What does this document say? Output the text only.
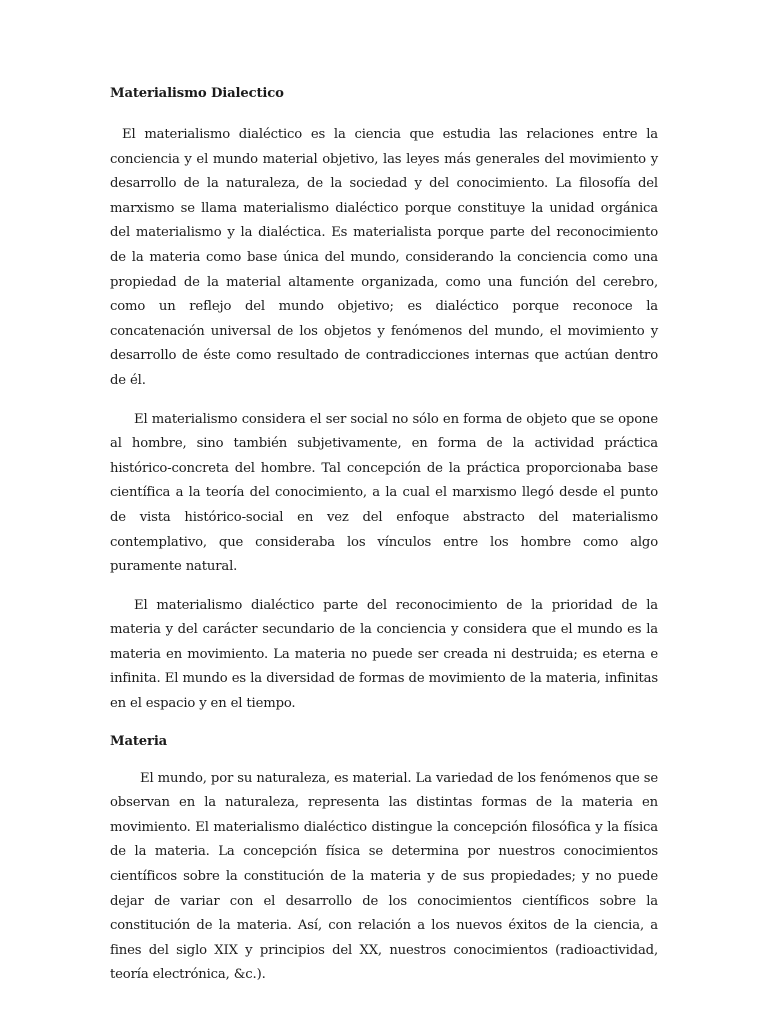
Materialismo Dialectico

El materialismo dialéctico es la ciencia que estudia las relaciones entre la conciencia y el mundo material objetivo, las leyes más generales del movimiento y desarrollo de la naturaleza, de la sociedad y del conocimiento. La filosofía del marxismo se llama materialismo dialéctico porque constituye la unidad orgánica del materialismo y la dialéctica. Es materialista porque parte del reconocimiento de la materia como base única del mundo, considerando la conciencia como una propiedad de la material altamente organizada, como una función del cerebro, como un reflejo del mundo objetivo; es dialéctico porque reconoce la concatenación universal de los objetos y fenómenos del mundo, el movimiento y desarrollo de éste como resultado de contradicciones internas que actúan dentro de él.

El materialismo considera el ser social no sólo en forma de objeto que se opone al hombre, sino también subjetivamente, en forma de la actividad práctica histórico-concreta del hombre. Tal concepción de la práctica proporcionaba base científica a la teoría del conocimiento, a la cual el marxismo llegó desde el punto de vista histórico-social en vez del enfoque abstracto del materialismo contemplativo, que consideraba los vínculos entre los hombre como algo puramente natural.

El materialismo dialéctico parte del reconocimiento de la prioridad de la materia y del carácter secundario de la conciencia y considera que el mundo es la materia en movimiento. La materia no puede ser creada ni destruida; es eterna e infinita. El mundo es la diversidad de formas de movimiento de la materia, infinitas en el espacio y en el tiempo.

Materia

El mundo, por su naturaleza, es material. La variedad de los fenómenos que se observan en la naturaleza, representa las distintas formas de la materia en movimiento. El materialismo dialéctico distingue la concepción filosófica y la física de la materia. La concepción física se determina por nuestros conocimientos científicos sobre la constitución de la materia y de sus propiedades; y no puede dejar de variar con el desarrollo de los conocimientos científicos sobre la constitución de la materia. Así, con relación a los nuevos éxitos de la ciencia, a fines del siglo XIX y principios del XX, nuestros conocimientos (radioactividad, teoría electrónica, &c.).
